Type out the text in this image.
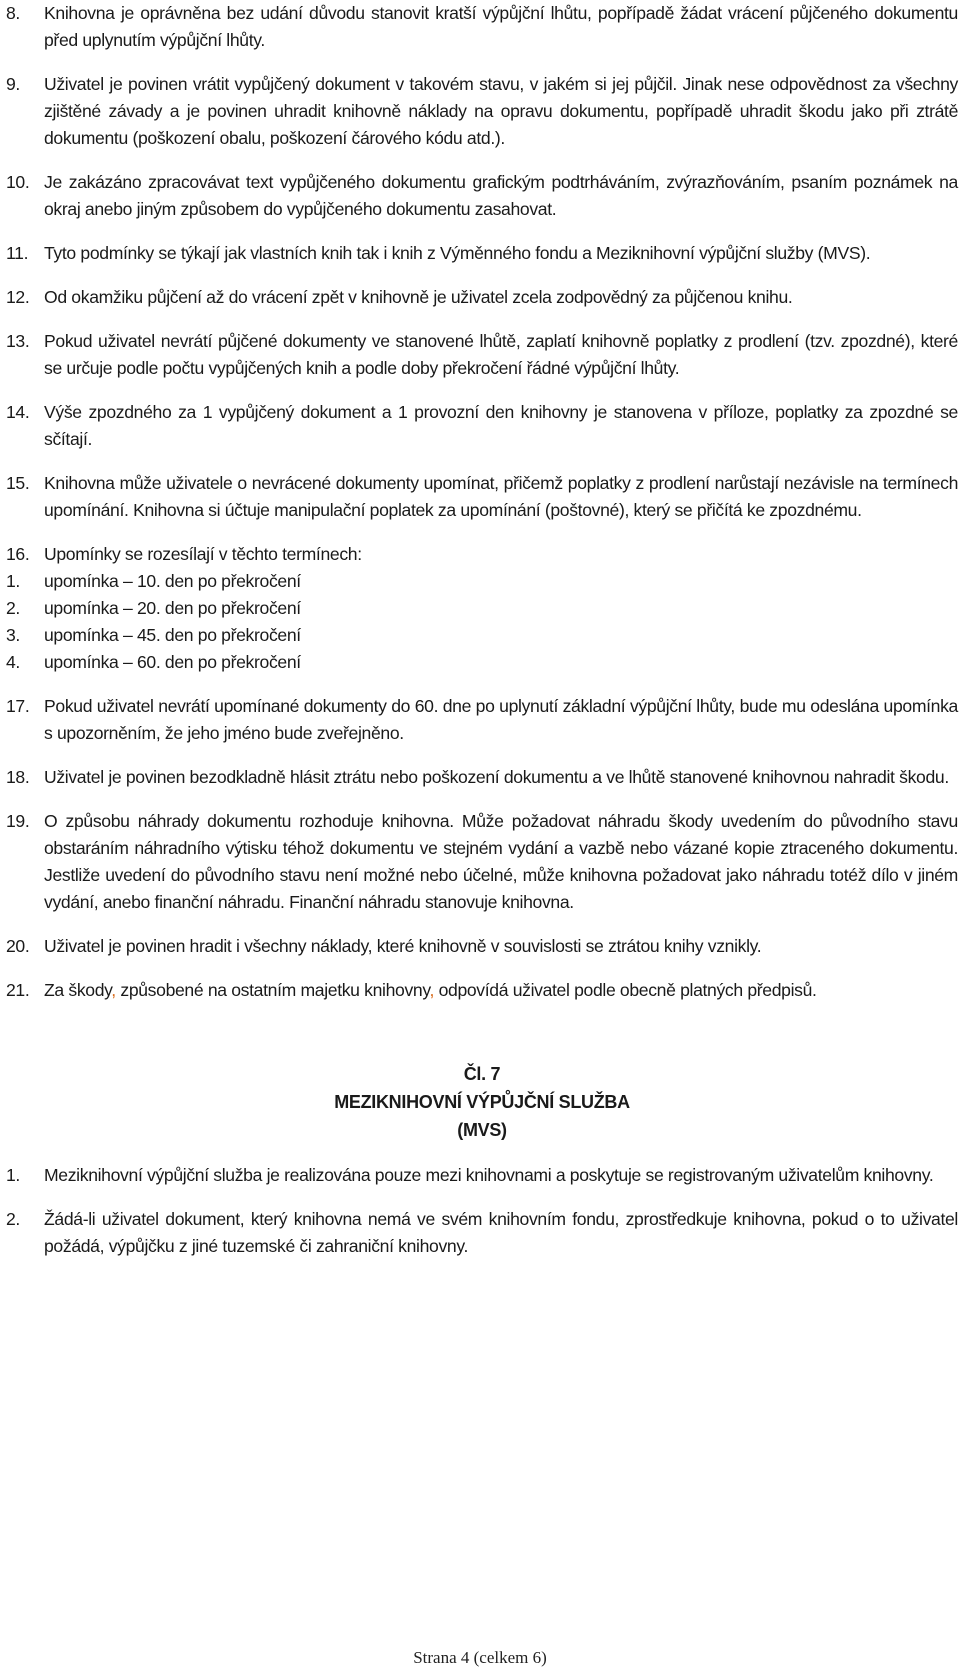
8.	Knihovna je oprávněna bez udání důvodu stanovit kratší výpůjční lhůtu, popřípadě žádat vrácení půjčeného dokumentu před uplynutím výpůjční lhůty.
9.	Uživatel je povinen vrátit vypůjčený dokument v takovém stavu, v jakém si jej půjčil. Jinak nese odpovědnost za všechny zjištěné závady a je povinen uhradit knihovně náklady na opravu dokumentu, popřípadě uhradit škodu jako při ztrátě dokumentu (poškození obalu, poškození čárového kódu atd.).
10. Je zakázáno zpracovávat text vypůjčeného dokumentu grafickým podtrháváním, zvýrazňováním, psaním poznámek na okraj anebo jiným způsobem do vypůjčeného dokumentu zasahovat.
11. Tyto podmínky se týkají jak vlastních knih tak i knih z Výměnného fondu a Meziknihovní výpůjční služby (MVS).
12. Od okamžiku půjčení až do vrácení zpět v knihovně je uživatel zcela zodpovědný za půjčenou knihu.
13. Pokud uživatel nevrátí půjčené dokumenty ve stanovené lhůtě, zaplatí knihovně poplatky z prodlení (tzv. zpozdné), které se určuje podle počtu vypůjčených knih a podle doby překročení řádné výpůjční lhůty.
14. Výše zpozdného za 1 vypůjčený dokument a 1 provozní den knihovny je stanovena v příloze, poplatky za zpozdné se sčítají.
15. Knihovna může uživatele o nevrácené dokumenty upomínat, přičemž poplatky z prodlení narůstají nezávisle na termínech upomínání. Knihovna si účtuje manipulační poplatek za upomínání (poštovné), který se přičítá ke zpozdnému.
16. Upomínky se rozesílají v těchto termínech:
1. upomínka – 10. den po překročení
2. upomínka – 20. den po překročení
3. upomínka – 45. den po překročení
4. upomínka – 60. den po překročení
17. Pokud uživatel nevrátí upomínané dokumenty do 60. dne po uplynutí základní výpůjční lhůty, bude mu odeslána upomínka s upozorněním, že jeho jméno bude zveřejněno.
18. Uživatel je povinen bezodkladně hlásit ztrátu nebo poškození dokumentu a ve lhůtě stanovené knihovnou nahradit škodu.
19. O způsobu náhrady dokumentu rozhoduje knihovna. Může požadovat náhradu škody uvedením do původního stavu obstaráním náhradního výtisku téhož dokumentu ve stejném vydání a vazbě nebo vázané kopie ztraceného dokumentu. Jestliže uvedení do původního stavu není možné nebo účelné, může knihovna požadovat jako náhradu totéž dílo v jiném vydání, anebo finanční náhradu. Finanční náhradu stanovuje knihovna.
20. Uživatel je povinen hradit i všechny náklady, které knihovně v souvislosti se ztrátou knihy vznikly.
21. Za škody, způsobené na ostatním majetku knihovny, odpovídá uživatel podle obecně platných předpisů.
Čl. 7
MEZIKNIHOVNÍ VÝPŮJČNÍ SLUŽBA
(MVS)
1.	Meziknihovní výpůjční služba je realizována pouze mezi knihovnami a poskytuje se registrovaným uživatelům knihovny.
2.	Žádá-li uživatel dokument, který knihovna nemá ve svém knihovním fondu, zprostředkuje knihovna, pokud o to uživatel požádá, výpůjčku z jiné tuzemské či zahraniční knihovny.
Strana 4 (celkem 6)
